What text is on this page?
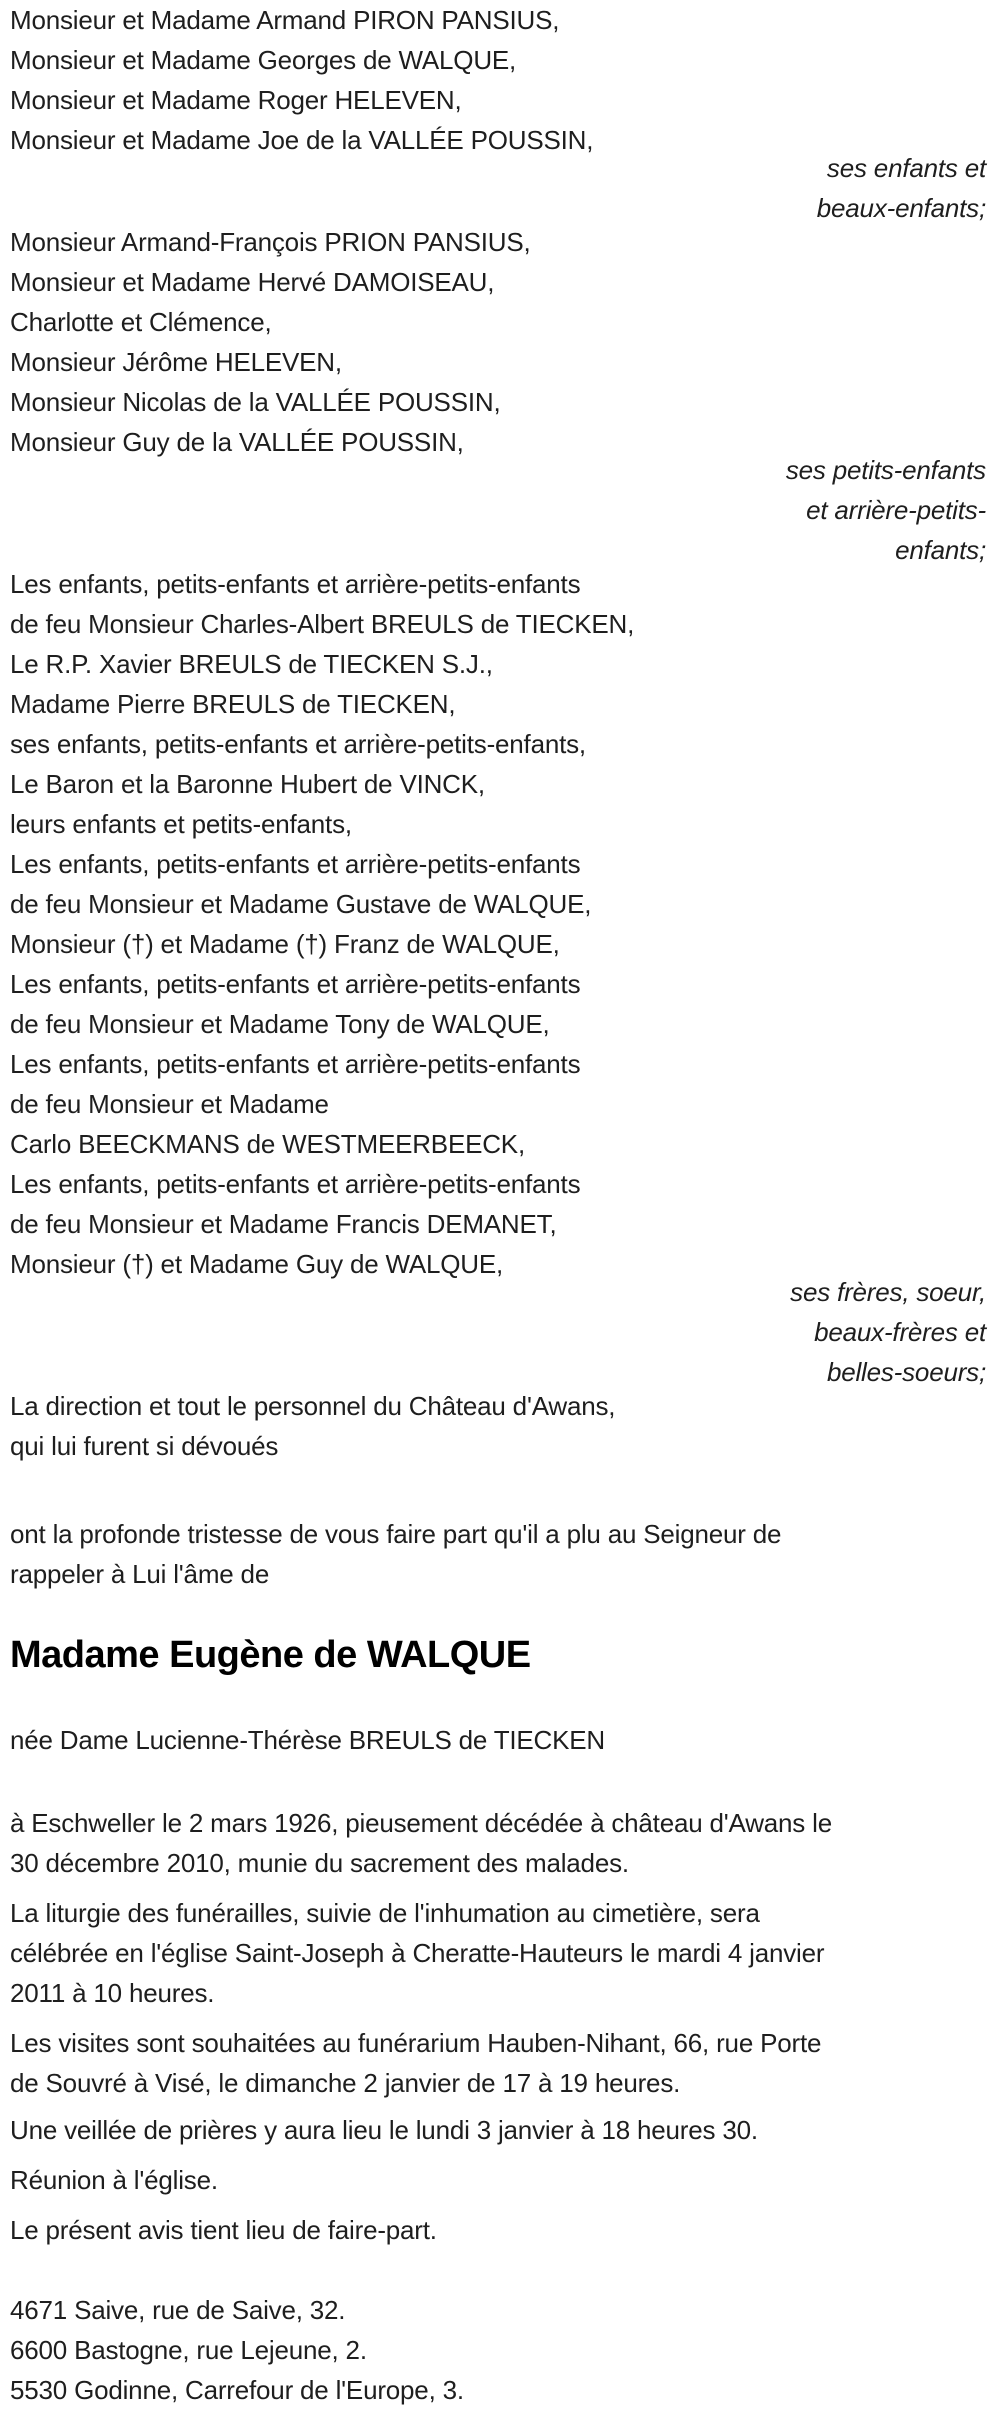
Monsieur et Madame Armand PIRON PANSIUS,
Monsieur et Madame Georges de WALQUE,
Monsieur et Madame Roger HELEVEN,
Monsieur et Madame Joe de la VALLÉE POUSSIN,
ses enfants et
beaux-enfants;
Monsieur Armand-François PRION PANSIUS,
Monsieur et Madame Hervé DAMOISEAU,
Charlotte et Clémence,
Monsieur Jérôme HELEVEN,
Monsieur Nicolas de la VALLÉE POUSSIN,
Monsieur Guy de la VALLÉE POUSSIN,
ses petits-enfants
et arrière-petits-
enfants;
Les enfants, petits-enfants et arrière-petits-enfants
de feu Monsieur Charles-Albert BREULS de TIECKEN,
Le R.P. Xavier BREULS de TIECKEN S.J.,
Madame Pierre BREULS de TIECKEN,
ses enfants, petits-enfants et arrière-petits-enfants,
Le Baron et la Baronne Hubert de VINCK,
leurs enfants et petits-enfants,
Les enfants, petits-enfants et arrière-petits-enfants
de feu Monsieur et Madame Gustave de WALQUE,
Monsieur (†) et Madame (†) Franz de WALQUE,
Les enfants, petits-enfants et arrière-petits-enfants
de feu Monsieur et Madame Tony de WALQUE,
Les enfants, petits-enfants et arrière-petits-enfants
de feu Monsieur et Madame
Carlo BEECKMANS de WESTMEERBEECK,
Les enfants, petits-enfants et arrière-petits-enfants
de feu Monsieur et Madame Francis DEMANET,
Monsieur (†) et Madame Guy de WALQUE,
ses frères, soeur,
beaux-frères et
belles-soeurs;
La direction et tout le personnel du Château d'Awans,
qui lui furent si dévoués
ont la profonde tristesse de vous faire part qu'il a plu au Seigneur de
rappeler à Lui l'âme de
Madame Eugène de WALQUE
née Dame Lucienne-Thérèse BREULS de TIECKEN
à Eschweller le 2 mars 1926, pieusement décédée à château d'Awans le
30 décembre 2010, munie du sacrement des malades.
La liturgie des funérailles, suivie de l'inhumation au cimetière, sera
célébrée en l'église Saint-Joseph à Cheratte-Hauteurs le mardi 4 janvier
2011 à 10 heures.
Les visites sont souhaitées au funérarium Hauben-Nihant, 66, rue Porte
de Souvré à Visé, le dimanche 2 janvier de 17 à 19 heures.
Une veillée de prières y aura lieu le lundi 3 janvier à 18 heures 30.
Réunion à l'église.
Le présent avis tient lieu de faire-part.
4671 Saive, rue de Saive, 32.
6600 Bastogne, rue Lejeune, 2.
5530 Godinne, Carrefour de l'Europe, 3.
